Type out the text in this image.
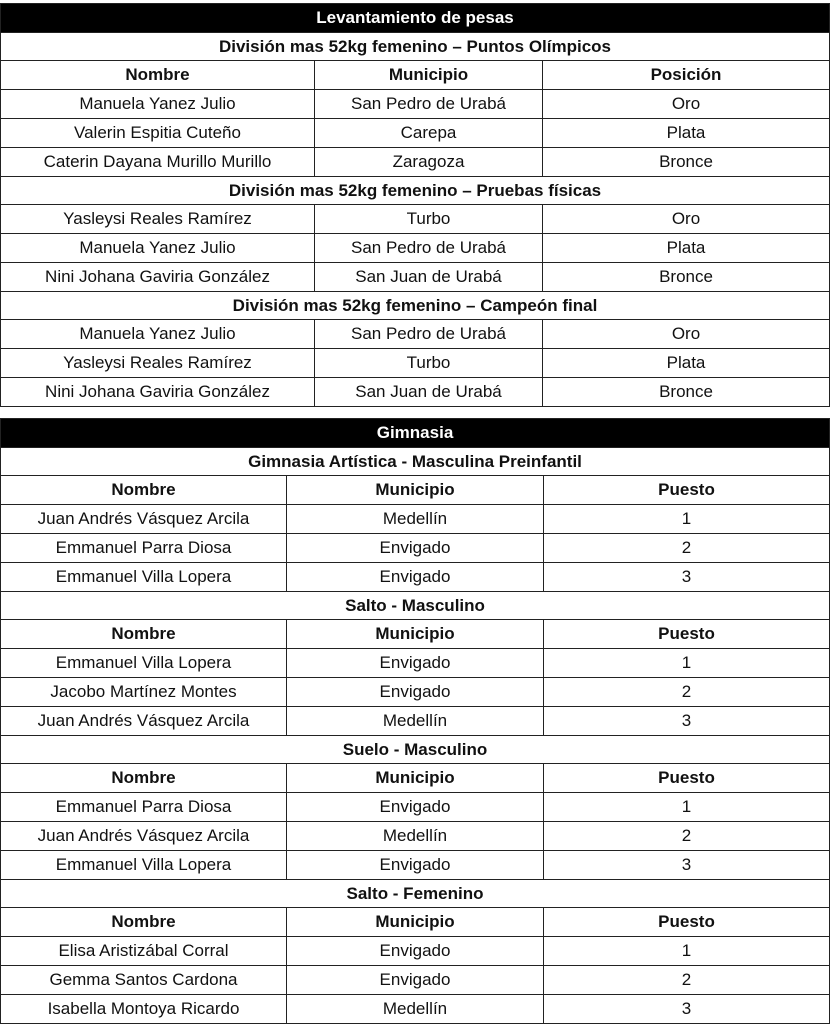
Levantamiento de pesas		
División mas 52kg femenino – Puntos Olímpicos		
Nombre	Municipio	Posición
Manuela Yanez Julio	San Pedro de Urabá	Oro
Valerin Espitia Cuteño	Carepa	Plata
Caterin Dayana Murillo Murillo	Zaragoza	Bronce
División mas 52kg femenino – Pruebas físicas		
Yasleysi Reales Ramírez	Turbo	Oro
Manuela Yanez Julio	San Pedro de Urabá	Plata
Nini Johana Gaviria González	San Juan de Urabá	Bronce
División mas 52kg femenino – Campeón final		
Manuela Yanez Julio	San Pedro de Urabá	Oro
Yasleysi Reales Ramírez	Turbo	Plata
Nini Johana Gaviria González	San Juan de Urabá	Bronce
Gimnasia		
Gimnasia Artística - Masculina Preinfantil		
Nombre	Municipio	Puesto
Juan Andrés Vásquez Arcila	Medellín	1
Emmanuel Parra Diosa	Envigado	2
Emmanuel Villa Lopera	Envigado	3
Salto - Masculino		
Nombre	Municipio	Puesto
Emmanuel Villa Lopera	Envigado	1
Jacobo Martínez Montes	Envigado	2
Juan Andrés Vásquez Arcila	Medellín	3
Suelo - Masculino		
Nombre	Municipio	Puesto
Emmanuel Parra Diosa	Envigado	1
Juan Andrés Vásquez Arcila	Medellín	2
Emmanuel Villa Lopera	Envigado	3
Salto - Femenino		
Nombre	Municipio	Puesto
Elisa Aristizábal Corral	Envigado	1
Gemma Santos Cardona	Envigado	2
Isabella Montoya Ricardo	Medellín	3
